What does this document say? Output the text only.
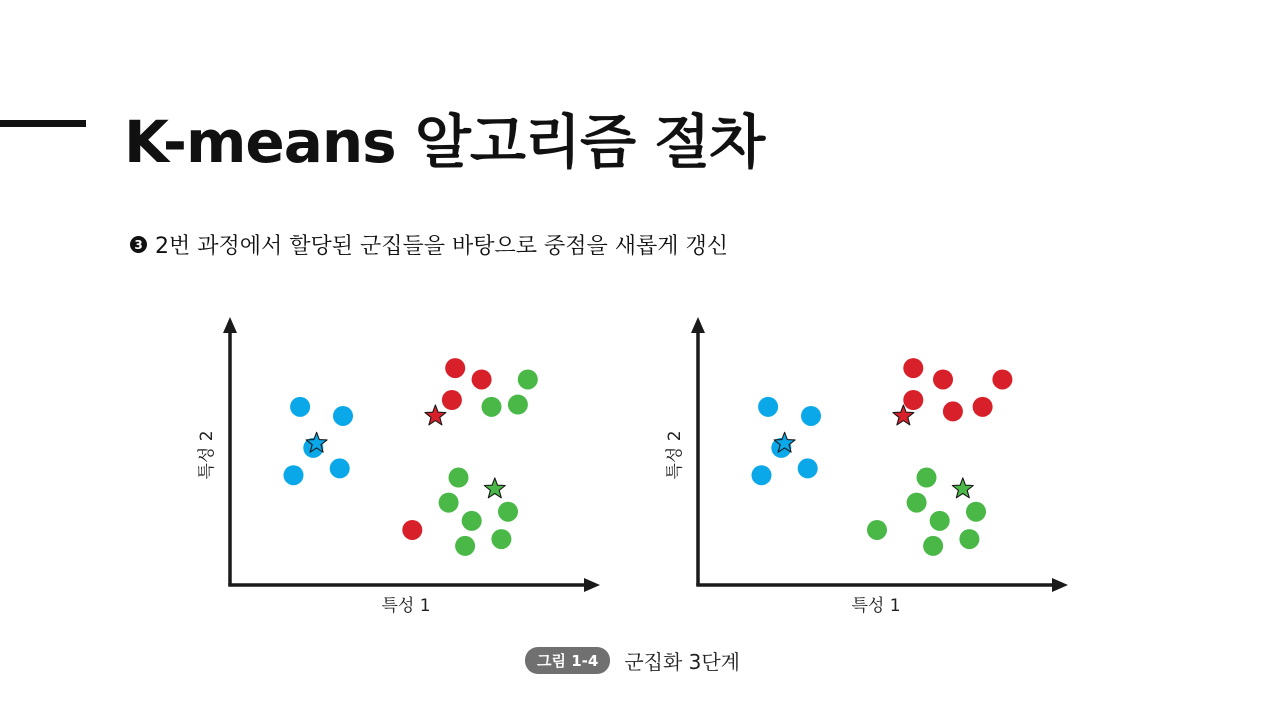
K-means 알고리즘 절차
3 2번 과정에서 할당된 군집들을 바탕으로 중점을 새롭게 갱신
특성 1
특성 2
특성 1
특성 2
그림 1-4	군집화 3단계
